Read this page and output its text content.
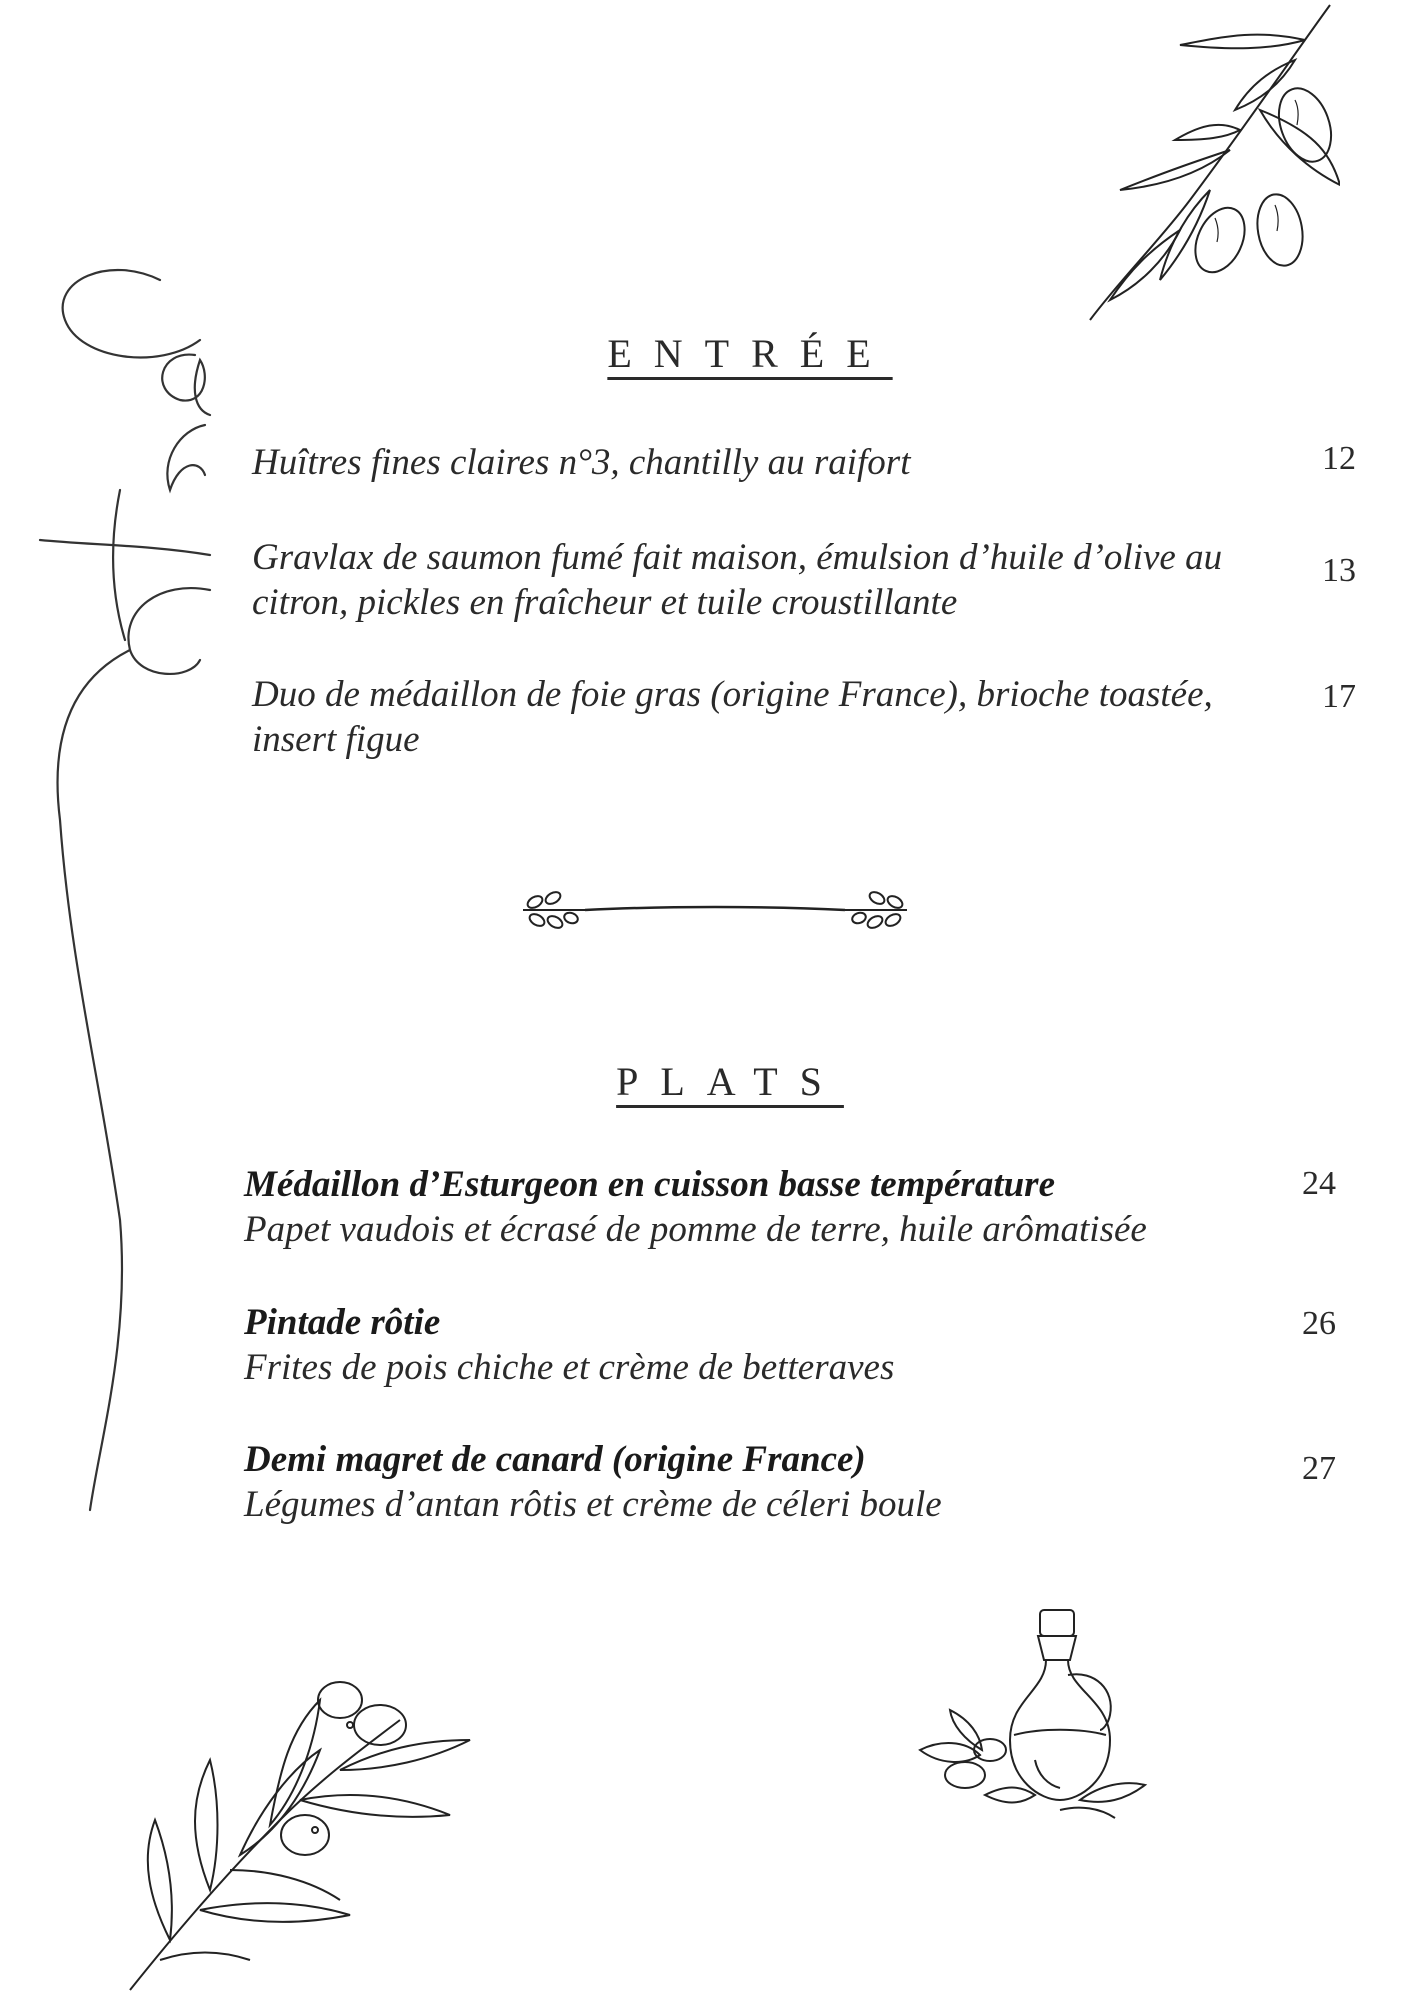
ENTRÉE
Huîtres fines claires n°3, chantilly au raifort	12
Gravlax de saumon fumé fait maison, émulsion d’huile d’olive au citron, pickles en fraîcheur et tuile croustillante
13
Duo de médaillon de foie gras (origine France), brioche toastée, insert figue
17
PLATS
Médaillon d’Esturgeon en cuisson basse température
Papet vaudois et écrasé de pomme de terre, huile arômatisée
24
Pintade rôtie
Frites de pois chiche et crème de betteraves
26
Demi magret de canard (origine France)
Légumes d’antan rôtis et crème de céleri boule
27
